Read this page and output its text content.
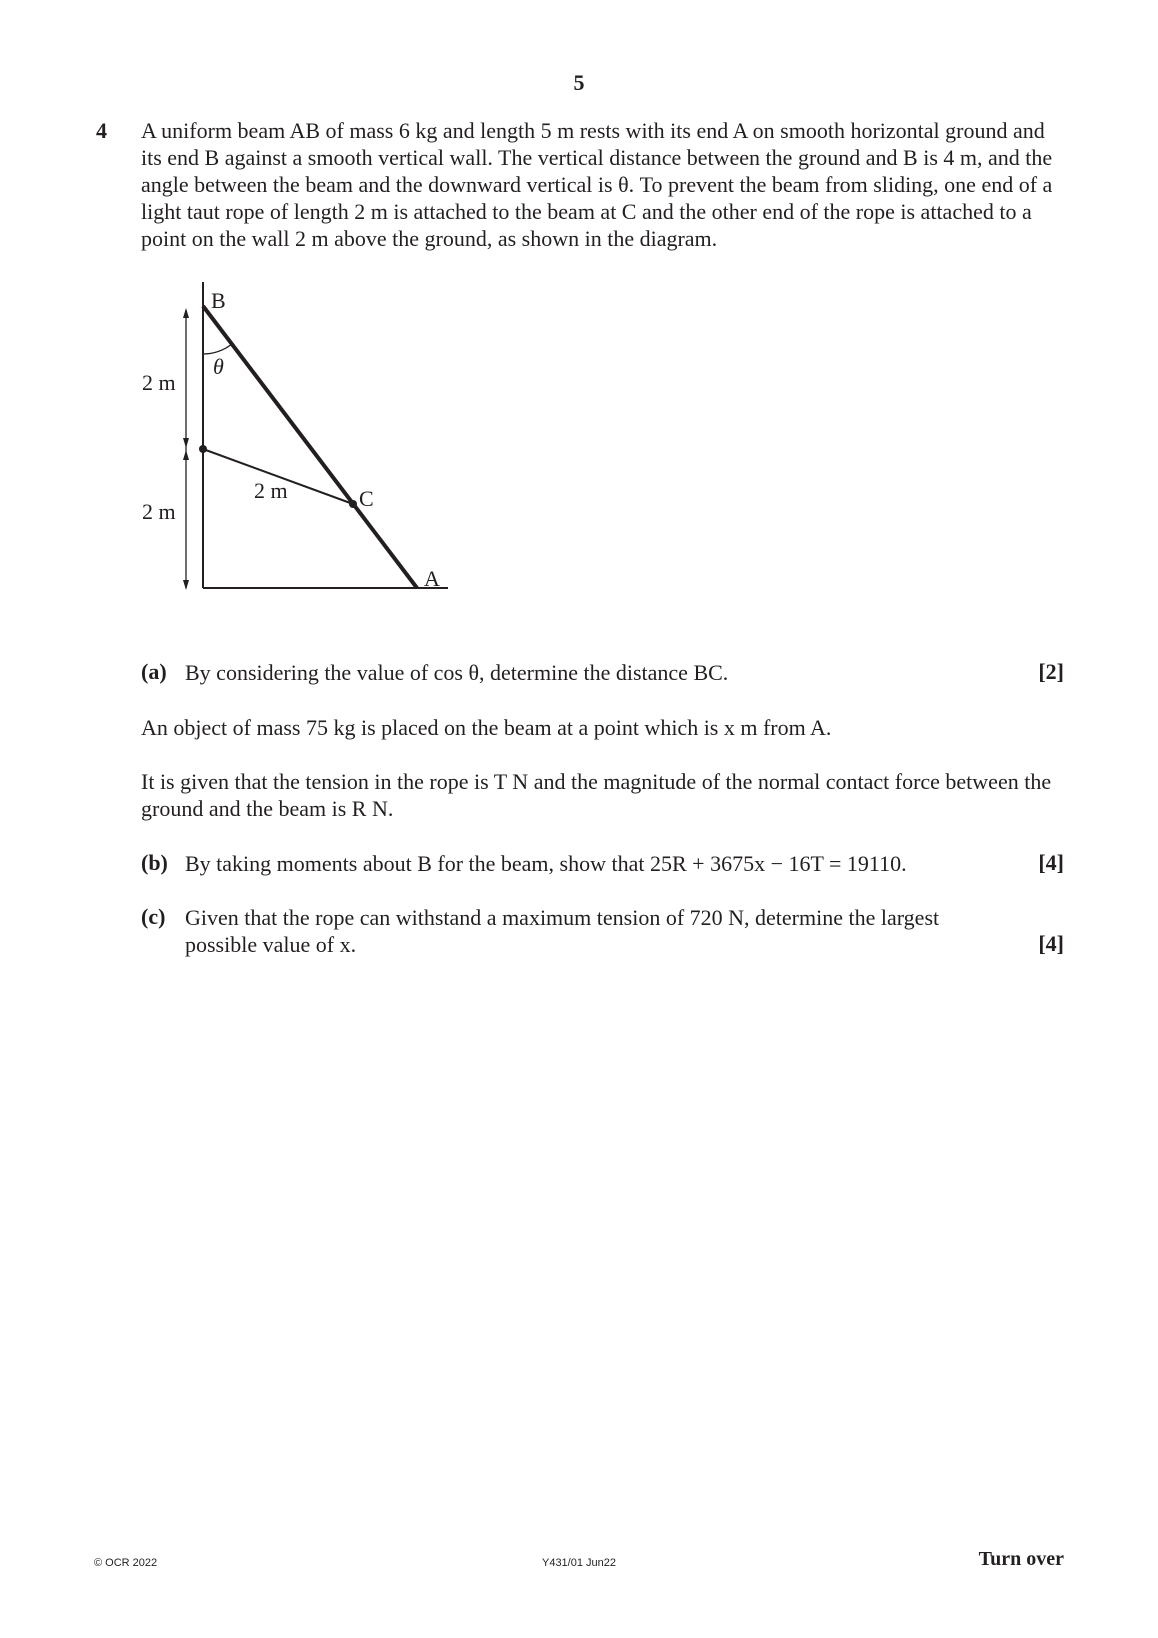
5
4 A uniform beam AB of mass 6 kg and length 5 m rests with its end A on smooth horizontal ground and its end B against a smooth vertical wall. The vertical distance between the ground and B is 4 m, and the angle between the beam and the downward vertical is θ. To prevent the beam from sliding, one end of a light taut rope of length 2 m is attached to the beam at C and the other end of the rope is attached to a point on the wall 2 m above the ground, as shown in the diagram.

B
θ
2 m
2 m
2 m	C
A
(a) By considering the value of cos θ, determine the distance BC.	[2]
An object of mass 75 kg is placed on the beam at a point which is x m from A.
It is given that the tension in the rope is T N and the magnitude of the normal contact force between the ground and the beam is R N.
(b) By taking moments about B for the beam, show that 25R + 3675x − 16T = 19110.	[4]
(c) Given that the rope can withstand a maximum tension of 720 N, determine the largest possible value of x.	[4]
© OCR 2022	Y431/01 Jun22	Turn over
